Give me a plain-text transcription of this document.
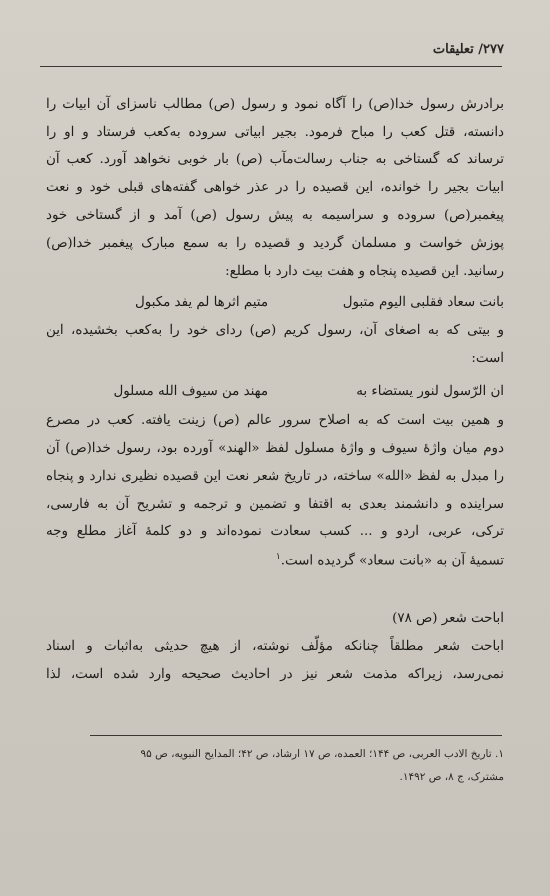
۲۷۷/ تعلیقات
برادرش رسول خدا(ص) را آگاه نمود و رسول (ص) مطالب ناسزای آن ابیات را
دانسته، قتل کعب را مباح فرمود. بجیر ابیاتی سروده به‌کعب فرستاد و او را
ترساند که گستاخی به جناب رسالت‌مآب (ص) بار خوبی نخواهد آورد. کعب آن
ابیات بجیر را خوانده، این قصیده را در عذر خواهی گفته‌های قبلی خود و نعت
پیغمبر(ص) سروده و سراسیمه به پیش رسول (ص) آمد و از گستاخی خود
پوزش خواست و مسلمان گردید و قصیده را به سمع مبارک پیغمبر خدا(ص)
رسانید. این قصیده پنجاه و هفت بیت دارد با مطلع:
بانت سعاد فقلبی الیوم متبول
متیم اثرها لم یفد مکبول
و بیتی که به اصغای آن، رسول کریم (ص) ردای خود را به‌کعب بخشیده، این
است:
ان الرّسول لنور یستضاء به
مهند من سیوف الله مسلول
و همین بیت است که به اصلاح سرور عالم (ص) زینت یافته. کعب در مصرع
دوم میان واژۀ سیوف و واژۀ مسلول لفظ «الهند» آورده بود، رسول خدا(ص) آن
را مبدل به لفظ «الله» ساخته، در تاریخ شعر نعت این قصیده نظیری ندارد و پنجاه
سراینده و دانشمند بعدی به اقتفا و تضمین و ترجمه و تشریح آن به فارسی،
ترکی، عربی، اردو و ... کسب سعادت نموده‌اند و دو کلمۀ آغاز مطلع وجه
تسمیۀ آن به «بانت سعاد» گردیده است.$^۱$
اباحت شعر (ص ۷۸)
اباحت شعر مطلقاً چنانکه مؤلّف نوشته، از هیچ حدیثی به‌اثبات و اسناد
نمی‌رسد، زیراکه مذمت شعر نیز در احادیث صحیحه وارد شده است، لذا
۱. تاریخ الادب العربی، ص ۱۴۴؛ العمده، ص ۱۷ ارشاد، ص ۴۲؛ المدایح النبویه، ص ۹۵
مشترک، ج ۸، ص ۱۴۹۲.
